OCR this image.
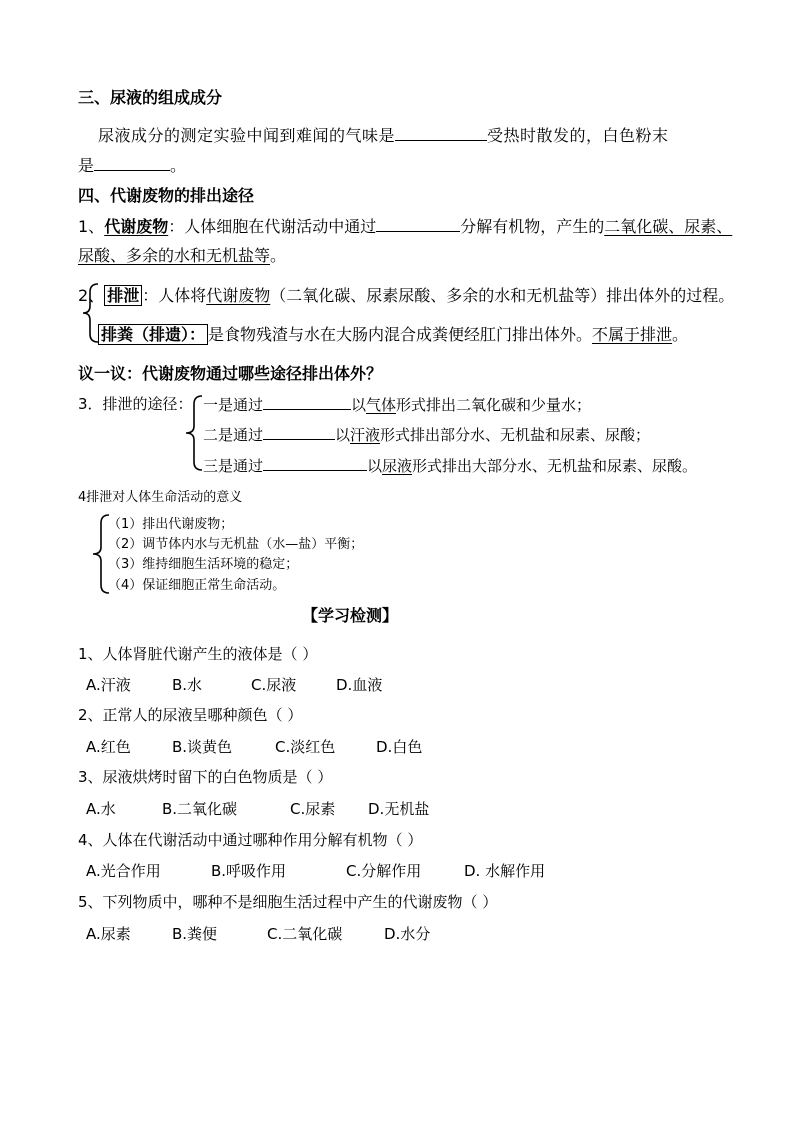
三、尿液的组成成分
尿液成分的测定实验中闻到难闻的气味是	受热时散发的，白色粉末
是	。
四、代谢废物的排出途径
1、代谢废物：人体细胞在代谢活动中通过	分解有机物，产生的二氧化碳、尿素、
尿酸、多余的水和无机盐等。
2、 排泄 ：人体将代谢废物（二氧化碳、尿素尿酸、多余的水和无机盐等）排出体外的过程。
排粪（排遗）： 是食物残渣与水在大肠内混合成粪便经肛门排出体外。不属于排泄。
议一议：代谢废物通过哪些途径排出体外？
3．排泄的途径： 一是通过	以气体形式排出二氧化碳和少量水；
二是通过	以汗液形式排出部分水、无机盐和尿素、尿酸；
三是通过	以尿液形式排出大部分水、无机盐和尿素、尿酸。
4排泄对人体生命活动的意义
（1）排出代谢废物；
（2）调节体内水与无机盐（水—盐）平衡；
（3）维持细胞生活环境的稳定；
（4）保证细胞正常生命活动。
【学习检测】
1、人体肾脏代谢产生的液体是（ ）
A.汗液	B.水	C.尿液	D.血液
2、正常人的尿液呈哪种颜色（ ）
A.红色	B.谈黄色	C.淡红色	D.白色
3、尿液烘烤时留下的白色物质是（ ）
A.水	B.二氧化碳	C.尿素 D.无机盐
4、人体在代谢活动中通过哪种作用分解有机物（ ）
A.光合作用	B.呼吸作用	C.分解作用	D. 水解作用
5、下列物质中，哪种不是细胞生活过程中产生的代谢废物（ ）
A.尿素	B.粪便	C.二氧化碳	D.水分
